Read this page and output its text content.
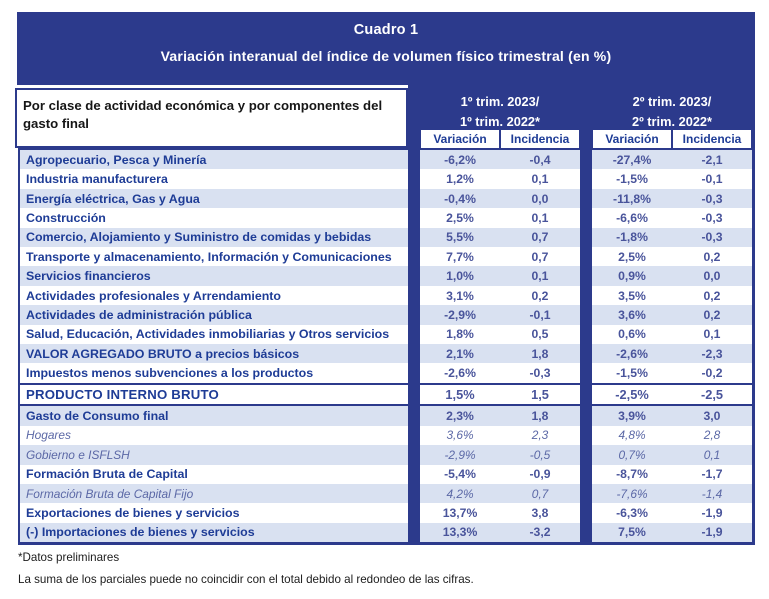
Cuadro 1
Variación interanual del índice de volumen físico trimestral (en %)
1º trim. 2023/
1º trim. 2022*
2º trim. 2023/
2º trim. 2022*
Por clase de actividad económica y por componentes del gasto final
Variación	Incidencia	Variación	Incidencia
Agropecuario, Pesca y Minería	-6,2%	-0,4	-27,4%	-2,1
Industria manufacturera	1,2%	0,1	-1,5%	-0,1
Energía eléctrica, Gas y Agua	-0,4%	0,0	-11,8%	-0,3
Construcción	2,5%	0,1	-6,6%	-0,3
Comercio, Alojamiento y Suministro de comidas y bebidas	5,5%	0,7	-1,8%	-0,3
Transporte y almacenamiento, Información y Comunicaciones	7,7%	0,7	2,5%	0,2
Servicios financieros	1,0%	0,1	0,9%	0,0
Actividades profesionales y Arrendamiento	3,1%	0,2	3,5%	0,2
Actividades de administración pública	-2,9%	-0,1	3,6%	0,2
Salud, Educación, Actividades inmobiliarias y Otros servicios	1,8%	0,5	0,6%	0,1
VALOR AGREGADO BRUTO a precios básicos	2,1%	1,8	-2,6%	-2,3
Impuestos menos subvenciones a los productos	-2,6%	-0,3	-1,5%	-0,2
PRODUCTO INTERNO BRUTO	1,5%	1,5	-2,5%	-2,5
Gasto de Consumo final	2,3%	1,8	3,9%	3,0
Hogares	3,6%	2,3	4,8%	2,8
Gobierno e ISFLSH	-2,9%	-0,5	0,7%	0,1
Formación Bruta de Capital	-5,4%	-0,9	-8,7%	-1,7
Formación Bruta de Capital Fijo	4,2%	0,7	-7,6%	-1,4
Exportaciones de bienes y servicios	13,7%	3,8	-6,3%	-1,9
(-) Importaciones de bienes y servicios	13,3%	-3,2	7,5%	-1,9
*Datos preliminares
La suma de los parciales puede no coincidir con el total debido al redondeo de las cifras.
